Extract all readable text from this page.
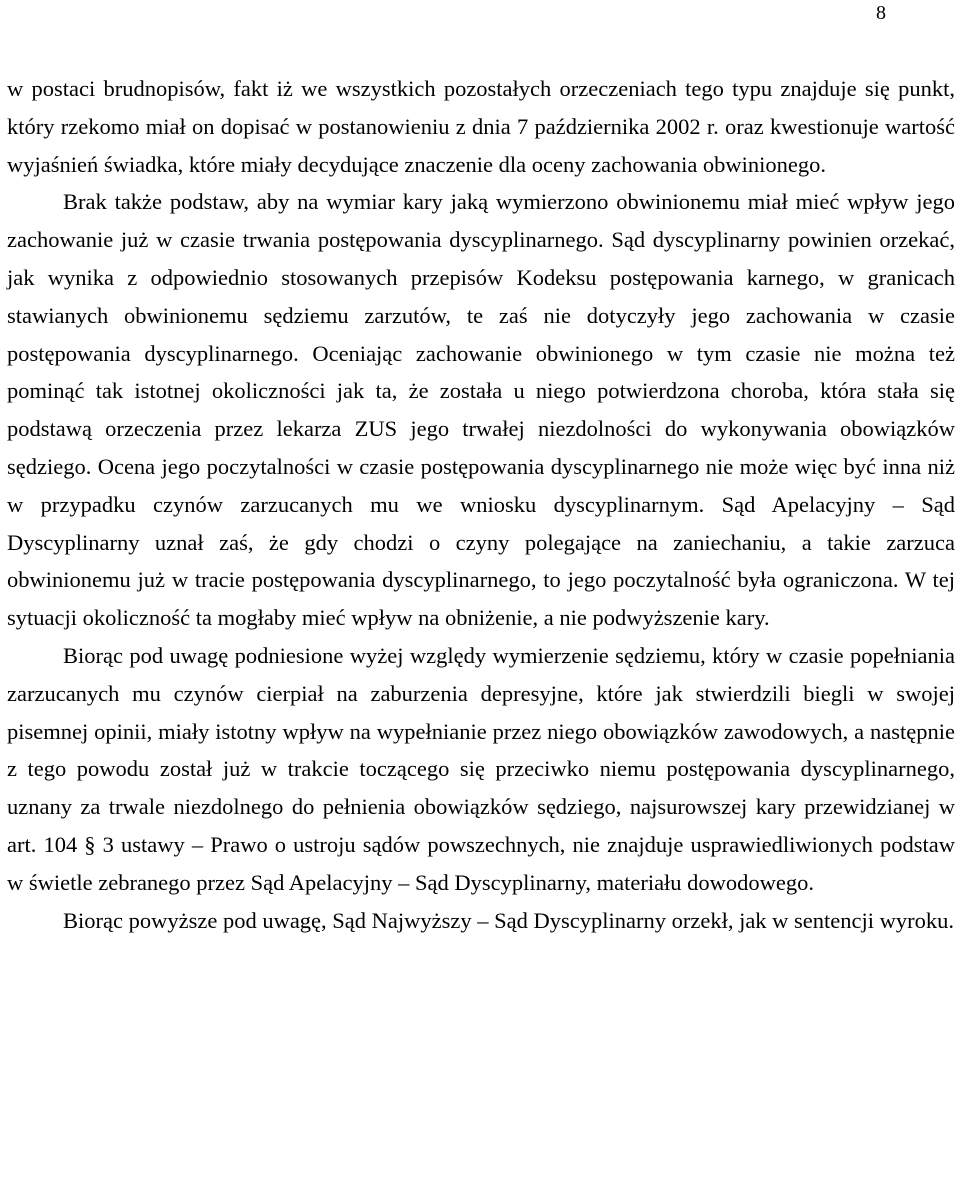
8

w postaci brudnopisów, fakt iż we wszystkich pozostałych orzeczeniach tego typu znajduje się punkt, który rzekomo miał on dopisać w postanowieniu z dnia 7 października 2002 r. oraz kwestionuje wartość wyjaśnień świadka, które miały decydujące znaczenie dla oceny zachowania obwinionego.

Brak także podstaw, aby na wymiar kary jaką wymierzono obwinionemu miał mieć wpływ jego zachowanie już w czasie trwania postępowania dyscyplinarnego. Sąd dyscyplinarny powinien orzekać, jak wynika z odpowiednio stosowanych przepisów Kodeksu postępowania karnego, w granicach stawianych obwinionemu sędziemu zarzutów, te zaś nie dotyczyły jego zachowania w czasie postępowania dyscyplinarnego. Oceniając zachowanie obwinionego w tym czasie nie można też pominąć tak istotnej okoliczności jak ta, że została u niego potwierdzona choroba, która stała się podstawą orzeczenia przez lekarza ZUS jego trwałej niezdolności do wykonywania obowiązków sędziego. Ocena jego poczytalności w czasie postępowania dyscyplinarnego nie może więc być inna niż w przypadku czynów zarzucanych mu we wniosku dyscyplinarnym. Sąd Apelacyjny – Sąd Dyscyplinarny uznał zaś, że gdy chodzi o czyny polegające na zaniechaniu, a takie zarzuca obwinionemu już w tracie postępowania dyscyplinarnego, to jego poczytalność była ograniczona. W tej sytuacji okoliczność ta mogłaby mieć wpływ na obniżenie, a nie podwyższenie kary.

Biorąc pod uwagę podniesione wyżej względy wymierzenie sędziemu, który w czasie popełniania zarzucanych mu czynów cierpiał na zaburzenia depresyjne, które jak stwierdzili biegli w swojej pisemnej opinii, miały istotny wpływ na wypełnianie przez niego obowiązków zawodowych, a następnie z tego powodu został już w trakcie toczącego się przeciwko niemu postępowania dyscyplinarnego, uznany za trwale niezdolnego do pełnienia obowiązków sędziego, najsurowszej kary przewidzianej w art. 104 § 3 ustawy – Prawo o ustroju sądów powszechnych, nie znajduje usprawiedliwionych podstaw w świetle zebranego przez Sąd Apelacyjny – Sąd Dyscyplinarny, materiału dowodowego.

Biorąc powyższe pod uwagę, Sąd Najwyższy – Sąd Dyscyplinarny orzekł, jak w sentencji wyroku.
